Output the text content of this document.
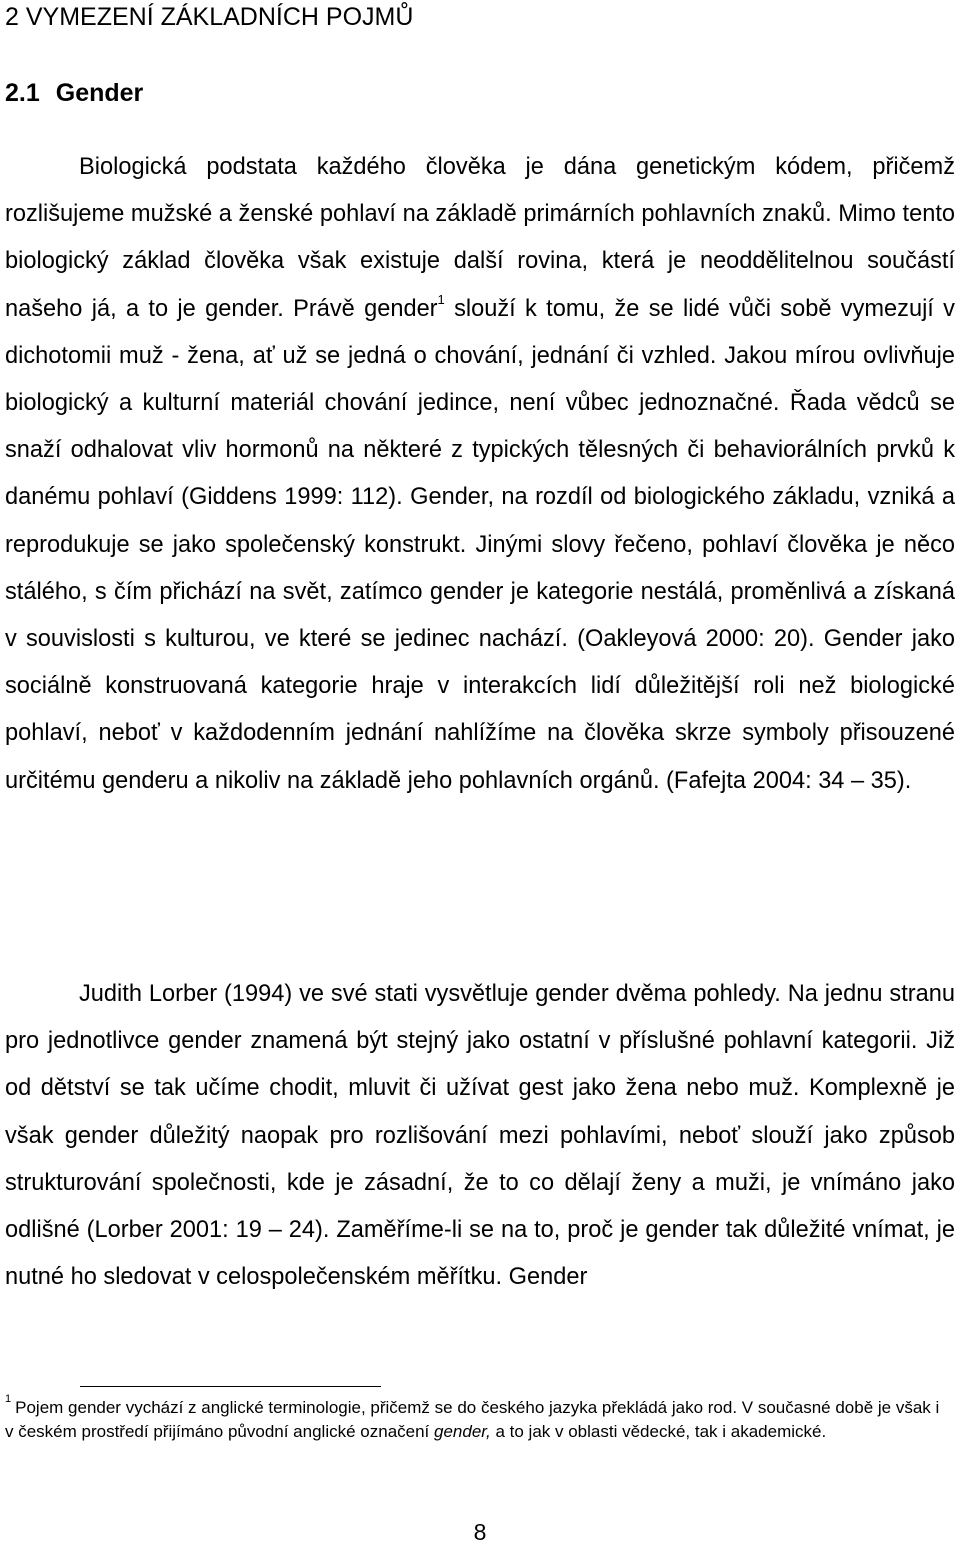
2 VYMEZENÍ ZÁKLADNÍCH POJMŮ
2.1 Gender

Biologická podstata každého člověka je dána genetickým kódem, přičemž rozlišujeme mužské a ženské pohlaví na základě primárních pohlavních znaků. Mimo tento biologický základ člověka však existuje další rovina, která je neoddělitelnou součástí našeho já, a to je gender. Právě gender$^1$ slouží k tomu, že se lidé vůči sobě vymezují v dichotomii muž - žena, ať už se jedná o chování, jednání či vzhled. Jakou mírou ovlivňuje biologický a kulturní materiál chování jedince, není vůbec jednoznačné. Řada vědců se snaží odhalovat vliv hormonů na některé z typických tělesných či behaviorálních prvků k danému pohlaví (Giddens 1999: 112). Gender, na rozdíl od biologického základu, vzniká a reprodukuje se jako společenský konstrukt. Jinými slovy řečeno, pohlaví člověka je něco stálého, s čím přichází na svět, zatímco gender je kategorie nestálá, proměnlivá a získaná v souvislosti s kulturou, ve které se jedinec nachází. (Oakleyová 2000: 20). Gender jako sociálně konstruovaná kategorie hraje v interakcích lidí důležitější roli než biologické pohlaví, neboť v každodenním jednání nahlížíme na člověka skrze symboly přisouzené určitému genderu a nikoliv na základě jeho pohlavních orgánů. (Fafejta 2004: 34 – 35).

Judith Lorber (1994) ve své stati vysvětluje gender dvěma pohledy. Na jednu stranu pro jednotlivce gender znamená být stejný jako ostatní v příslušné pohlavní kategorii. Již od dětství se tak učíme chodit, mluvit či užívat gest jako žena nebo muž. Komplexně je však gender důležitý naopak pro rozlišování mezi pohlavími, neboť slouží jako způsob strukturování společnosti, kde je zásadní, že to co dělají ženy a muži, je vnímáno jako odlišné (Lorber 2001: 19 – 24). Zaměříme-li se na to, proč je gender tak důležité vnímat, je nutné ho sledovat v celospolečenském měřítku. Gender

$^1$ Pojem gender vychází z anglické terminologie, přičemž se do českého jazyka překládá jako rod. V současné době je však i v českém prostředí přijímáno původní anglické označení gender, a to jak v oblasti vědecké, tak i akademické.

8
